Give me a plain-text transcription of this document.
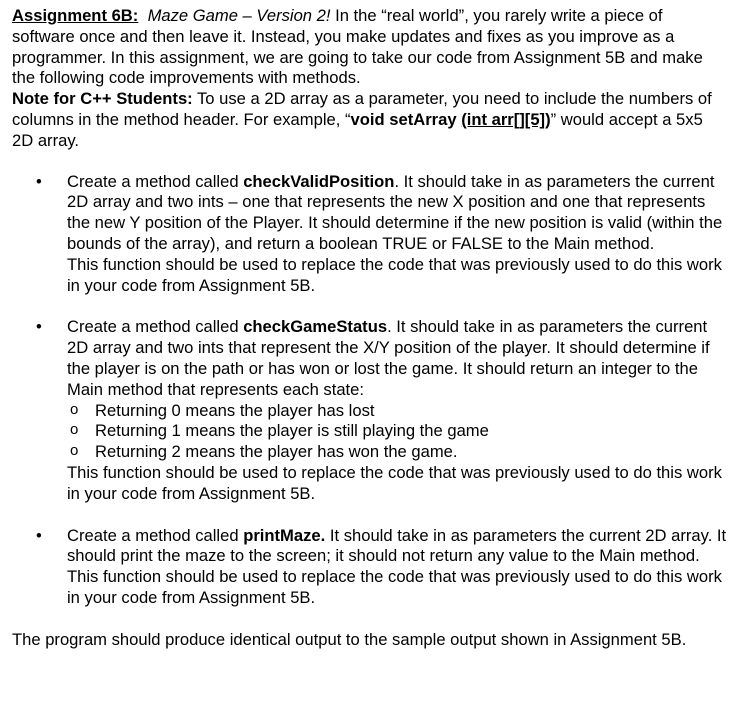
Assignment 6B: Maze Game – Version 2! In the “real world”, you rarely write a piece of software once and then leave it. Instead, you make updates and fixes as you improve as a programmer. In this assignment, we are going to take our code from Assignment 5B and make the following code improvements with methods.

Note for C++ Students: To use a 2D array as a parameter, you need to include the numbers of columns in the method header. For example, “void setArray (int arr[][5])” would accept a 5x5 2D array.

• Create a method called checkValidPosition. It should take in as parameters the current 2D array and two ints – one that represents the new X position and one that represents the new Y position of the Player. It should determine if the new position is valid (within the bounds of the array), and return a boolean TRUE or FALSE to the Main method.

This function should be used to replace the code that was previously used to do this work in your code from Assignment 5B.

• Create a method called checkGameStatus. It should take in as parameters the current 2D array and two ints that represent the X/Y position of the player. It should determine if the player is on the path or has won or lost the game. It should return an integer to the Main method that represents each state:

o Returning 0 means the player has lost
o Returning 1 means the player is still playing the game
o Returning 2 means the player has won the game.

This function should be used to replace the code that was previously used to do this work in your code from Assignment 5B.

• Create a method called printMaze. It should take in as parameters the current 2D array. It should print the maze to the screen; it should not return any value to the Main method.

This function should be used to replace the code that was previously used to do this work in your code from Assignment 5B.

The program should produce identical output to the sample output shown in Assignment 5B.
